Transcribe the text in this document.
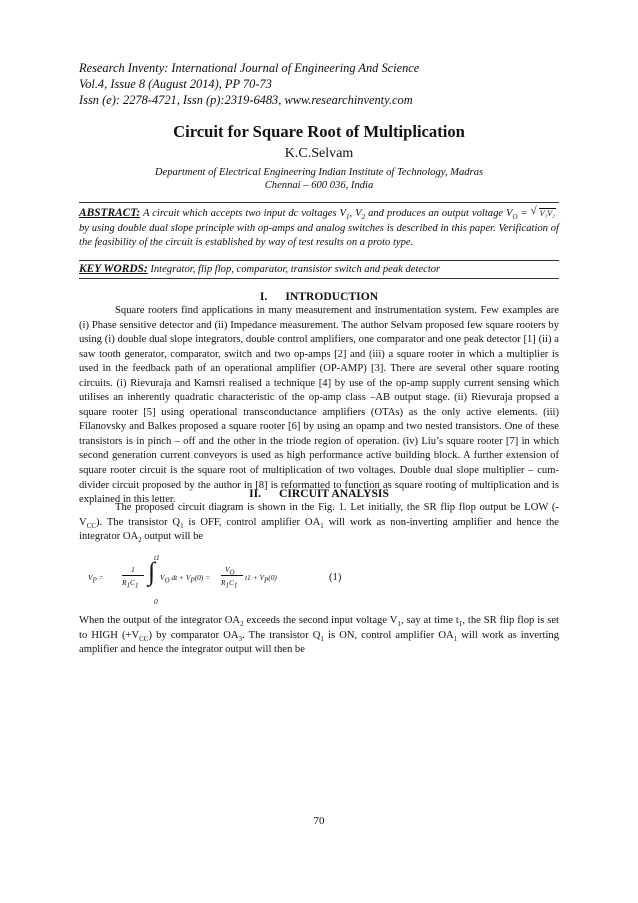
Research Inventy: International Journal of Engineering And Science
Vol.4, Issue 8 (August 2014), PP 70-73
Issn (e): 2278-4721, Issn (p):2319-6483, www.researchinventy.com
Circuit for Square Root of Multiplication
K.C.Selvam
Department of Electrical Engineering Indian Institute of Technology, Madras
Chennai – 600 036, India
ABSTRACT: A circuit which accepts two input dc voltages $V_1$, $V_2$ and produces an output voltage $V_O$ = √ V₁V₂by using double dual slope principle with op-amps and analog switches is described in this paper. Verification of the feasibility of the circuit is established by way of test results on a proto type.
KEY WORDS: Integrator, flip flop, comparator, transistor switch and peak detector
I. INTRODUCTION
Square rooters find applications in many measurement and instrumentation system. Few examples are (i) Phase sensitive detector and (ii) Impedance measurement. The author Selvam proposed few square rooters by using (i) double dual slope integrators, double control amplifiers, one comparator and one peak detector [1] (ii) a saw tooth generator, comparator, switch and two op-amps [2] and (iii) a square rooter in which a multiplier is used in the feedback path of an operational amplifier (OP-AMP) [3]. There are several other square rooting circuits. (i) Rievuraja and Kamsri realised a technique [4] by use of the op-amp supply current sensing which utilises an inherently quadratic characteristic of the op-amp class –AB output stage. (ii) Rievuraja propsed a square rooter [5] using operational transconductance amplifiers (OTAs) as the only active elements. (iii) Filanovsky and Balkes proposed a square rooter [6] by using an opamp and two nested transistors. One of these transistors is in pinch – off and the other in the triode region of operation. (iv) Liu’s square rooter [7] in which second generation current conveyors is used as high performance active building block. A further extension of square rooter circuit is the square root of multiplication of two voltages. Double dual slope multiplier – cum- divider circuit proposed by the author in [8] is reformatted to function as square rooting of multiplication and is explained in this letter.	II. CIRCUIT ANALYSIS
The proposed circuit diagram is shown in the Fig. 1. Let initially, the SR flip flop output be LOW $(-V_{CC})$. The transistor $Q_1$ is OFF, control amplifier $OA_1$ will work as non-inverting amplifier and hence the integrator $OA_2$ output will be
t1
$V_P$ =
1
$R_1C_1$ ∫ $V_O$ dt + $V_P(0)$ =
$V_O$
$R_1C_1$
$t1 + V_P(0)$
0
(1)
When the output of the integrator $OA_2$ exceeds the second input voltage $V_1$, say at time $t_1$, the SR flip flop is set to HIGH $(+V_{CC})$ by comparator $OA_3$. The transistor $Q_1$ is ON, control amplifier $OA_1$ will work as inverting amplifier and hence the integrator output will then be
70
